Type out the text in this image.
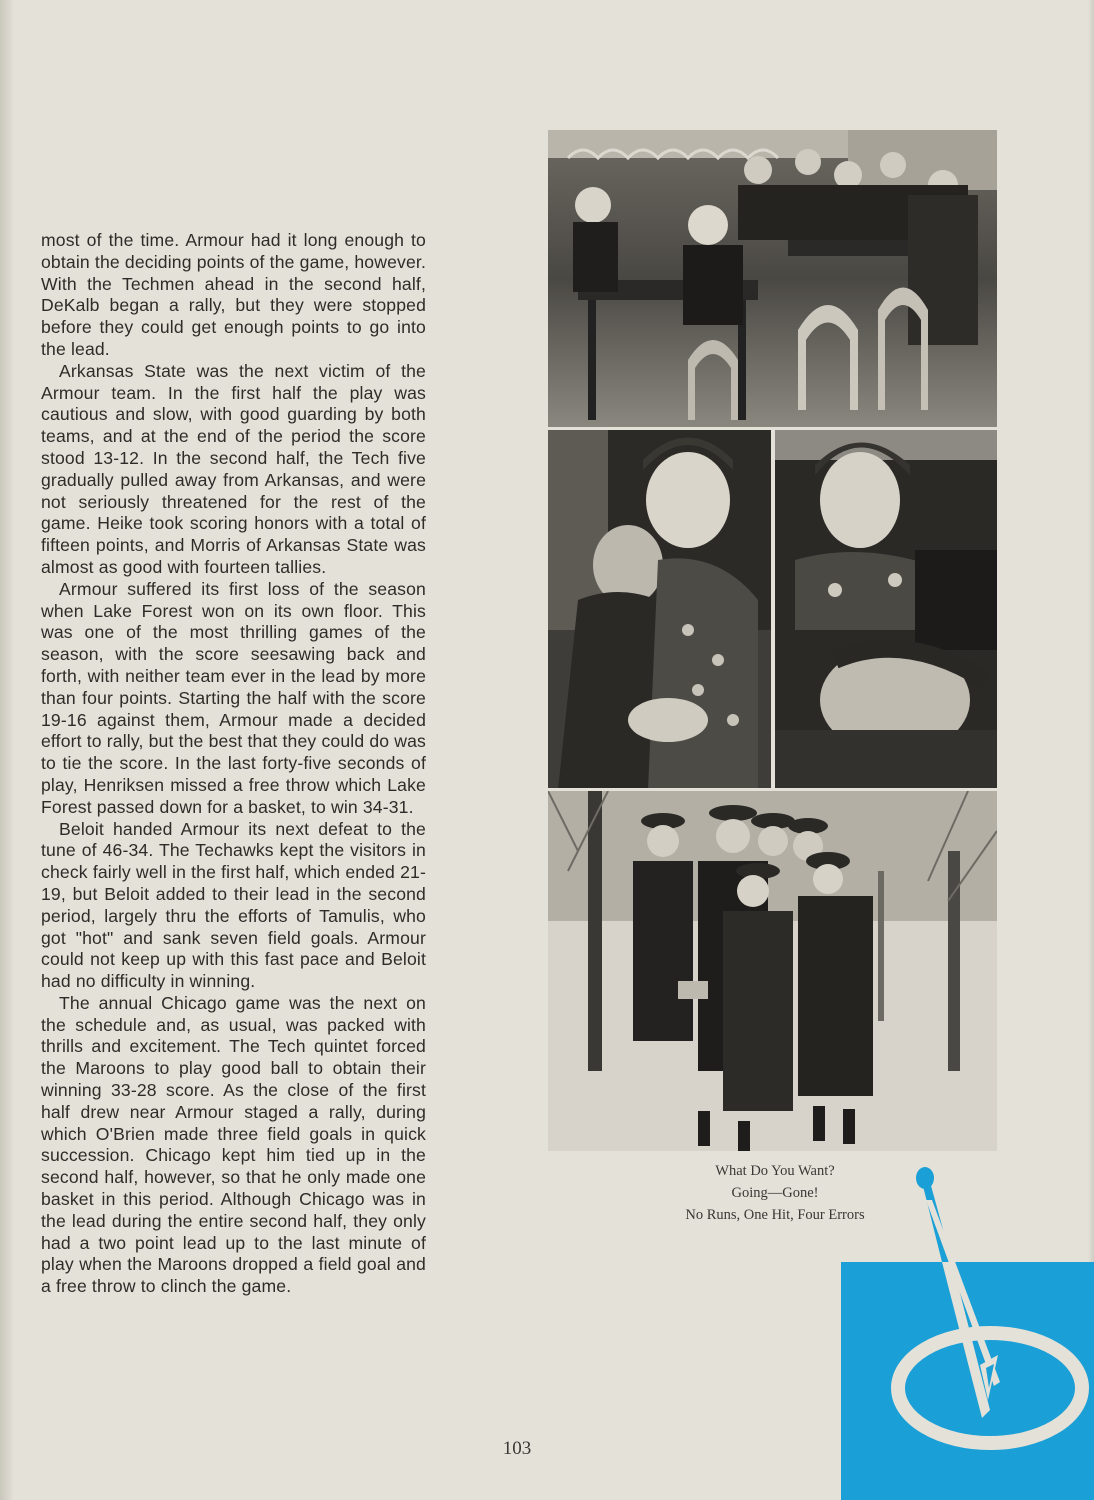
most of the time. Armour had it long enough to obtain the deciding points of the game, however. With the Techmen ahead in the second half, DeKalb began a rally, but they were stopped before they could get enough points to go into the lead.

Arkansas State was the next victim of the Armour team. In the first half the play was cautious and slow, with good guarding by both teams, and at the end of the period the score stood 13-12. In the second half, the Tech five gradually pulled away from Arkansas, and were not seriously threatened for the rest of the game. Heike took scoring honors with a total of fifteen points, and Morris of Arkansas State was almost as good with fourteen tallies.

Armour suffered its first loss of the season when Lake Forest won on its own floor. This was one of the most thrilling games of the season, with the score seesawing back and forth, with neither team ever in the lead by more than four points. Starting the half with the score 19-16 against them, Armour made a decided effort to rally, but the best that they could do was to tie the score. In the last forty-five seconds of play, Henriksen missed a free throw which Lake Forest passed down for a basket, to win 34-31.

Beloit handed Armour its next defeat to the tune of 46-34. The Techawks kept the visitors in check fairly well in the first half, which ended 21-19, but Beloit added to their lead in the second period, largely thru the efforts of Tamulis, who got "hot" and sank seven field goals. Armour could not keep up with this fast pace and Beloit had no difficulty in winning.

The annual Chicago game was the next on the schedule and, as usual, was packed with thrills and excitement. The Tech quintet forced the Maroons to play good ball to obtain their winning 33-28 score. As the close of the first half drew near Armour staged a rally, during which O'Brien made three field goals in quick succession. Chicago kept him tied up in the second half, however, so that he only made one basket in this period. Although Chicago was in the lead during the entire second half, they only had a two point lead up to the last minute of play when the Maroons dropped a field goal and a free throw to clinch the game.

What Do You Want?
Going—Gone!
No Runs, One Hit, Four Errors
103
